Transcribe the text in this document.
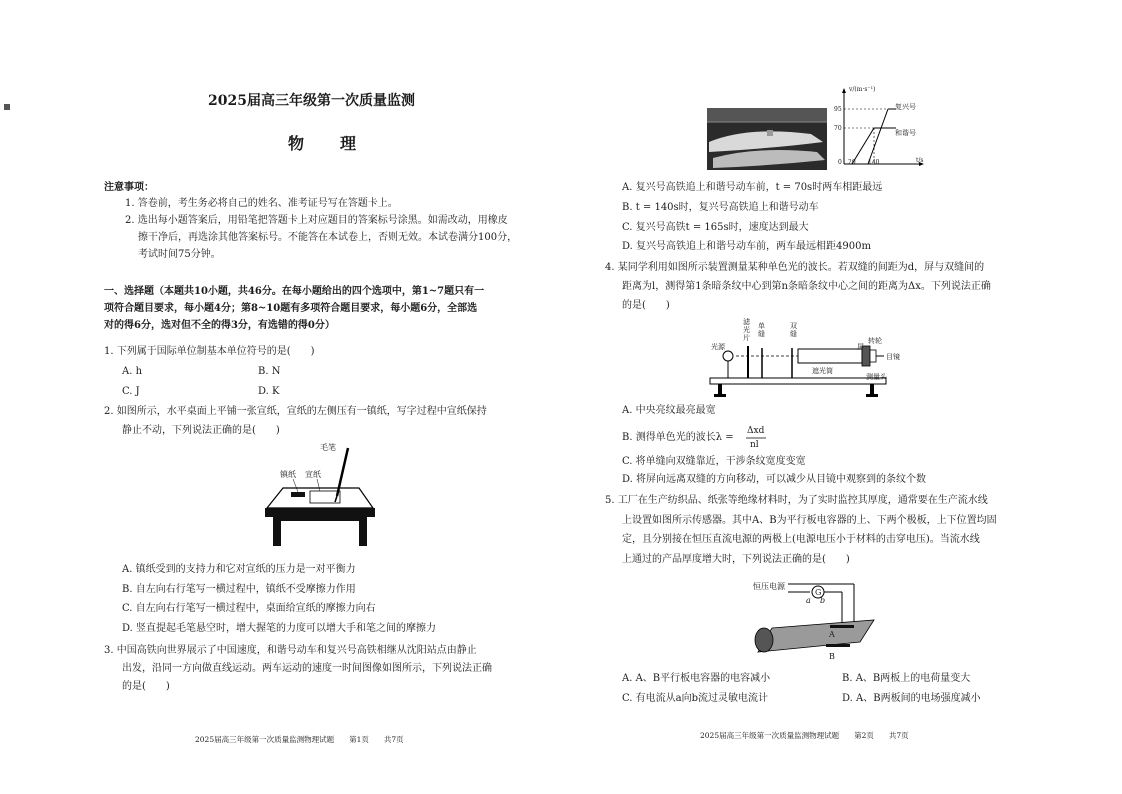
2025届高三年级第一次质量监测
物　理
注意事项：
1. 答卷前，考生务必将自己的姓名、准考证号写在答题卡上。
2. 选出每小题答案后，用铅笔把答题卡上对应题目的答案标号涂黑。如需改动，用橡皮
擦干净后，再选涂其他答案标号。不能答在本试卷上，否则无效。本试卷满分100分，
考试时间75分钟。
一、选择题（本题共10小题，共46分。在每小题给出的四个选项中，第1~7题只有一
项符合题目要求，每小题4分；第8~10题有多项符合题目要求，每小题6分，全部选
对的得6分，选对但不全的得3分，有选错的得0分）
1. 下列属于国际单位制基本单位符号的是(　　)
A. h	B. N
C. J	D. K
2. 如图所示，水平桌面上平铺一张宣纸，宣纸的左侧压有一镇纸，写字过程中宣纸保持
静止不动，下列说法正确的是(　　)
毛笔
镇纸 宣纸
A. 镇纸受到的支持力和它对宣纸的压力是一对平衡力
B. 自左向右行笔写一横过程中，镇纸不受摩擦力作用
C. 自左向右行笔写一横过程中，桌面给宣纸的摩擦力向右
D. 竖直提起毛笔悬空时，增大握笔的力度可以增大手和笔之间的摩擦力
3. 中国高铁向世界展示了中国速度，和谐号动车和复兴号高铁相继从沈阳站点由静止
出发，沿同一方向做直线运动。两车运动的速度一时间图像如图所示，下列说法正确
的是(　　)
2025届高三年级第一次质量监测物理试题　　第1页　　共7页
v/(m·s⁻¹)
95
70
0 20 140	t/s
复兴号
和谐号
A. 复兴号高铁追上和谐号动车前，t = 70s时两车相距最远
B. t = 140s时，复兴号高铁追上和谐号动车
C. 复兴号高铁t = 165s时，速度达到最大
D. 复兴号高铁追上和谐号动车前，两车最远相距4900m
4. 某同学利用如图所示装置测量某种单色光的波长。若双缝的间距为d，屏与双缝间的
距离为l，测得第1条暗条纹中心到第n条暗条纹中心之间的距离为Δx。下列说法正确
的是(　　)
光源
滤光片
单缝
双缝
屏
转轮
目镜
遮光筒
测量头
A. 中央亮纹最亮最宽
B. 测得单色光的波长λ =
Δxd
nl
C. 将单缝向双缝靠近，干涉条纹宽度变宽
D. 将屏向远离双缝的方向移动，可以减少从目镜中观察到的条纹个数
5. 工厂在生产纺织品、纸张等绝缘材料时，为了实时监控其厚度，通常要在生产流水线
上设置如图所示传感器。其中A、B为平行板电容器的上、下两个极板，上下位置均固
定，且分别接在恒压直流电源的两极上(电源电压小于材料的击穿电压)。当流水线
上通过的产品厚度增大时，下列说法正确的是(　　)
恒压电源
G
a b
A
B
A. A、B平行板电容器的电容减小	B. A、B两板上的电荷量变大
C. 有电流从a向b流过灵敏电流计	D. A、B两板间的电场强度减小
2025届高三年级第一次质量监测物理试题　　第2页　　共7页
